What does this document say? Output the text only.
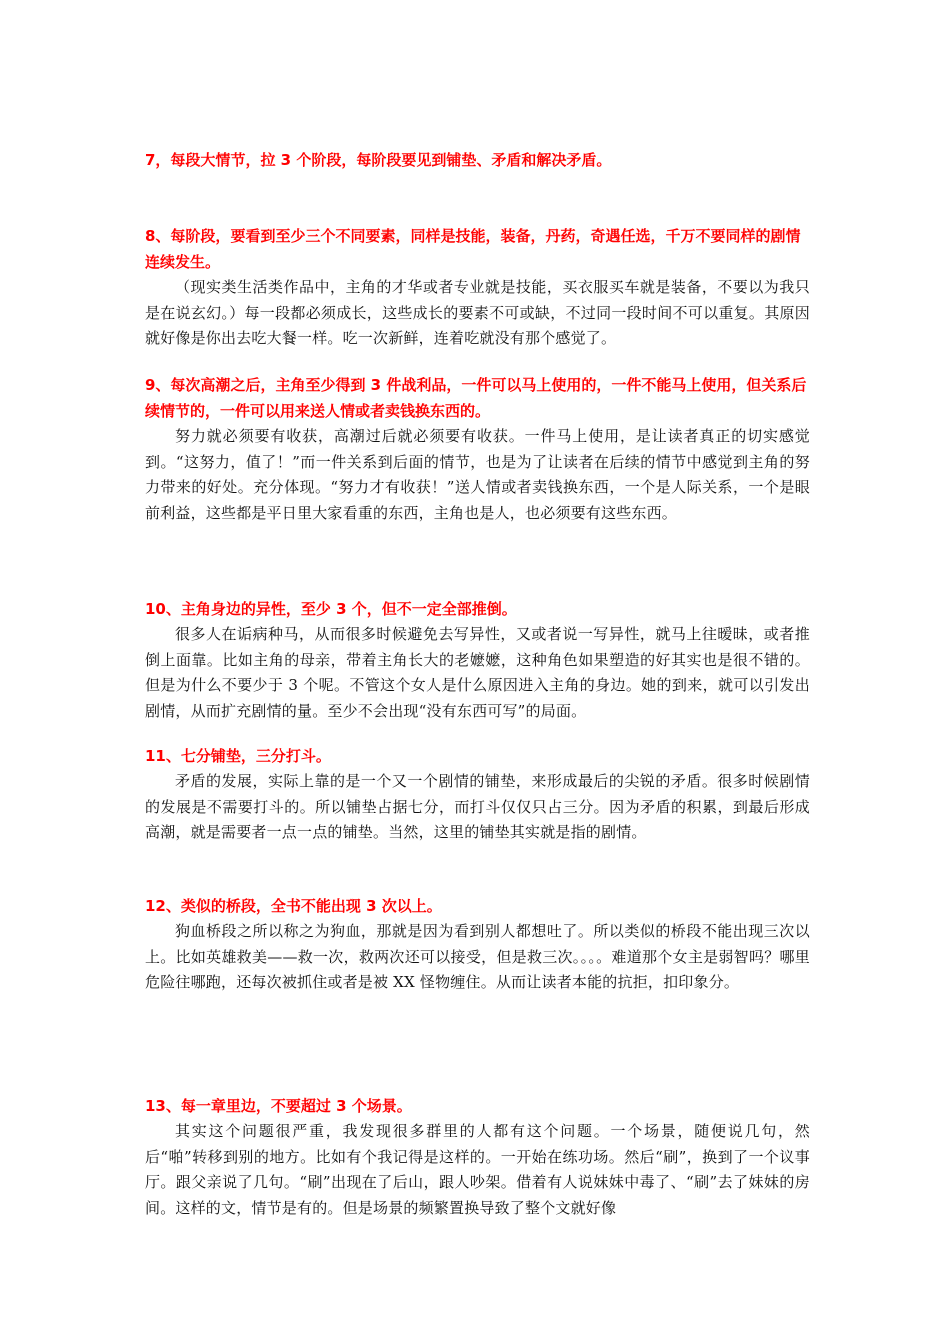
7，每段大情节，拉 3 个阶段，每阶段要见到铺垫、矛盾和解决矛盾。

8、每阶段，要看到至少三个不同要素，同样是技能，装备，丹药，奇遇任选，千万不要同样的剧情连续发生。

（现实类生活类作品中，主角的才华或者专业就是技能，买衣服买车就是装备，不要以为我只是在说玄幻。）每一段都必须成长，这些成长的要素不可或缺，不过同一段时间不可以重复。其原因就好像是你出去吃大餐一样。吃一次新鲜，连着吃就没有那个感觉了。

9、每次高潮之后，主角至少得到 3 件战利品，一件可以马上使用的，一件不能马上使用，但关系后续情节的，一件可以用来送人情或者卖钱换东西的。

努力就必须要有收获，高潮过后就必须要有收获。一件马上使用，是让读者真正的切实感觉到。“这努力，值了！”而一件关系到后面的情节，也是为了让读者在后续的情节中感觉到主角的努力带来的好处。充分体现。“努力才有收获！”送人情或者卖钱换东西，一个是人际关系，一个是眼前利益，这些都是平日里大家看重的东西，主角也是人，也必须要有这些东西。

10、主角身边的异性，至少 3 个，但不一定全部推倒。

很多人在诟病种马，从而很多时候避免去写异性，又或者说一写异性，就马上往暧昧，或者推倒上面靠。比如主角的母亲，带着主角长大的老嬷嬷，这种角色如果塑造的好其实也是很不错的。但是为什么不要少于 3 个呢。不管这个女人是什么原因进入主角的身边。她的到来，就可以引发出剧情，从而扩充剧情的量。至少不会出现“没有东西可写”的局面。

11、七分铺垫，三分打斗。

矛盾的发展，实际上靠的是一个又一个剧情的铺垫，来形成最后的尖锐的矛盾。很多时候剧情的发展是不需要打斗的。所以铺垫占据七分，而打斗仅仅只占三分。因为矛盾的积累，到最后形成高潮，就是需要者一点一点的铺垫。当然，这里的铺垫其实就是指的剧情。

12、类似的桥段，全书不能出现 3 次以上。

狗血桥段之所以称之为狗血，那就是因为看到别人都想吐了。所以类似的桥段不能出现三次以上。比如英雄救美——救一次，救两次还可以接受，但是救三次。。。。难道那个女主是弱智吗？哪里危险往哪跑，还每次被抓住或者是被 XX 怪物缠住。从而让读者本能的抗拒，扣印象分。

13、每一章里边，不要超过 3 个场景。

其实这个问题很严重，我发现很多群里的人都有这个问题。一个场景，随便说几句，然后“啪”转移到别的地方。比如有个我记得是这样的。一开始在练功场。然后“刷”，换到了一个议事厅。跟父亲说了几句。“刷”出现在了后山，跟人吵架。借着有人说妹妹中毒了、“刷”去了妹妹的房间。这样的文，情节是有的。但是场景的频繁置换导致了整个文就好像
